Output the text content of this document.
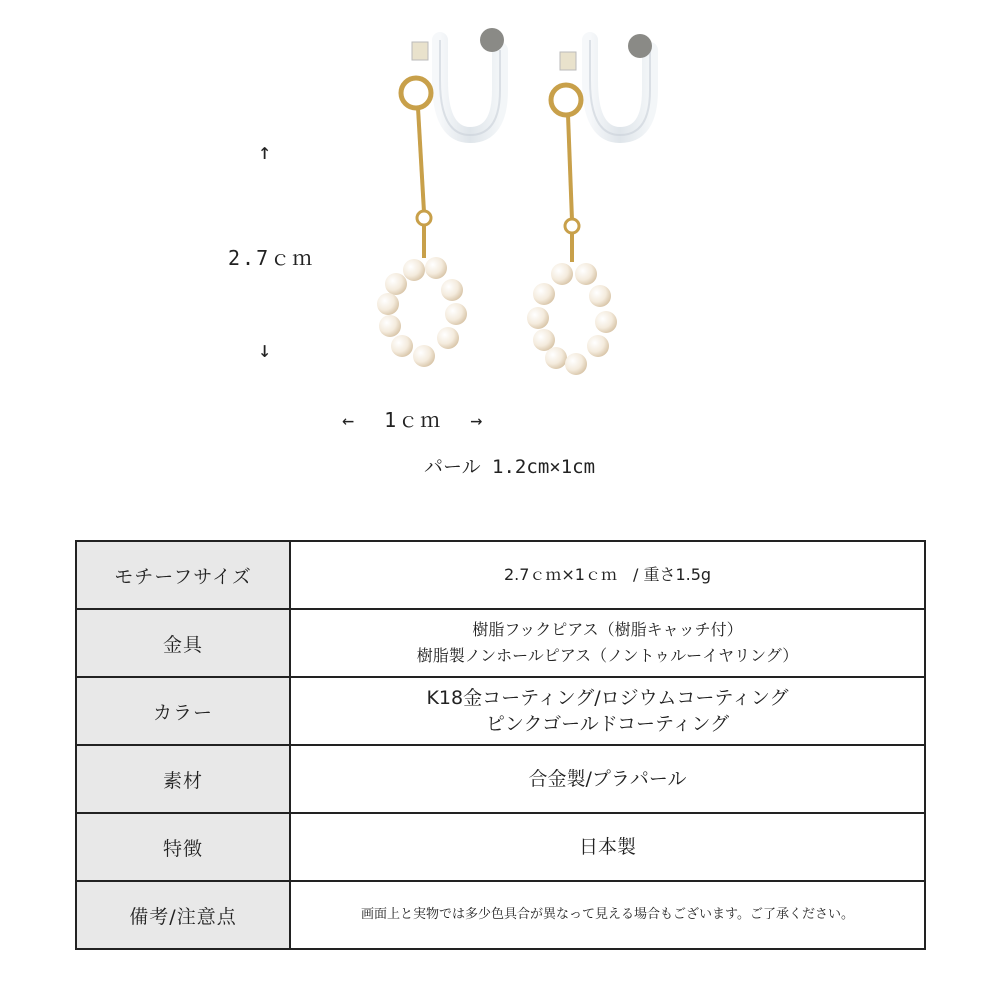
↑
2.7ｃｍ
↓
←  1ｃｍ  →
パール 1.2cm×1cm
モチーフサイズ	2.7ｃｍ×1ｃｍ　/ 重さ1.5g

金具	樹脂フックピアス（樹脂キャッチ付）
樹脂製ノンホールピアス（ノントゥルーイヤリング）

カラー	K18金コーティング/ロジウムコーティング
ピンクゴールドコーティング

素材	合金製/プラパール

特徴	日本製

備考/注意点	画面上と実物では多少色具合が異なって見える場合もございます。ご了承ください。
